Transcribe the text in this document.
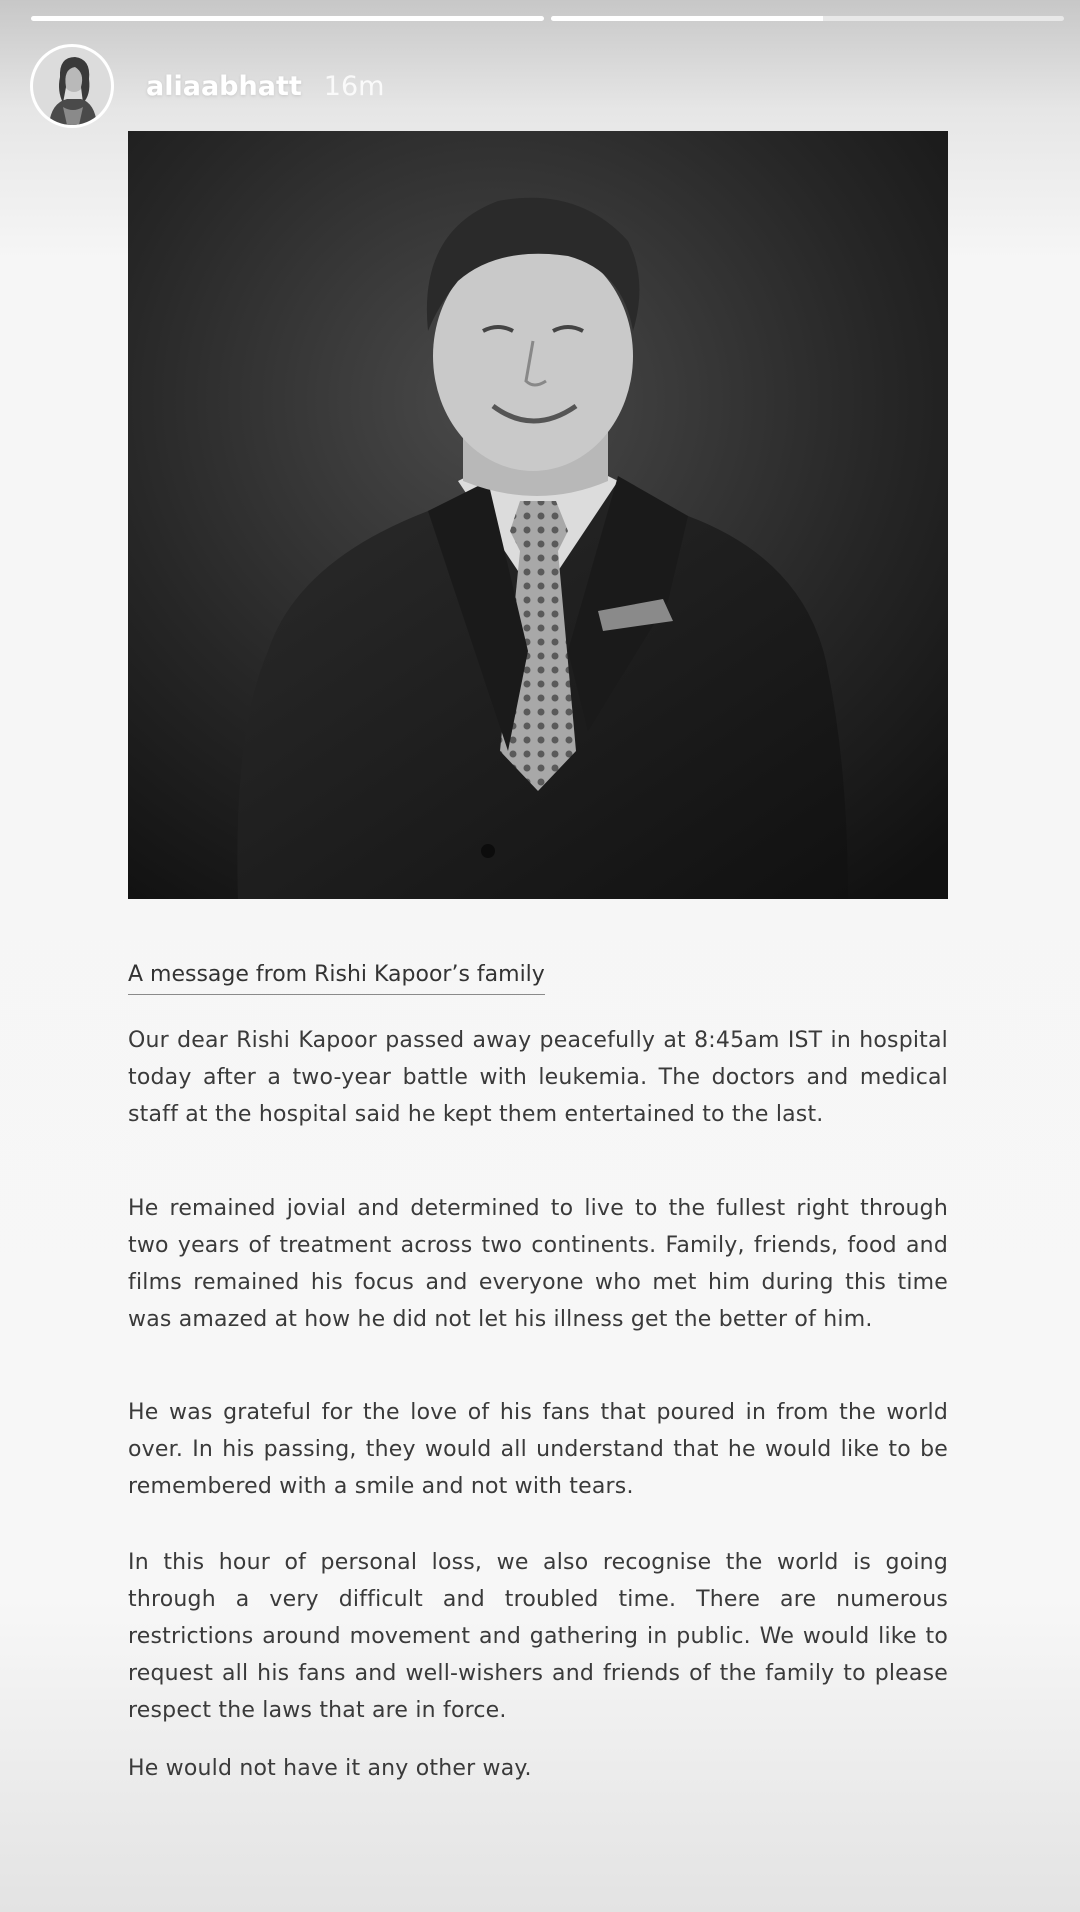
aliaabhatt 16m
A message from Rishi Kapoor’s family

Our dear Rishi Kapoor passed away peacefully at 8:45am IST in hospital today after a two-year battle with leukemia. The doctors and medical staff at the hospital said he kept them entertained to the last.

He remained jovial and determined to live to the fullest right through two years of treatment across two continents. Family, friends, food and films remained his focus and everyone who met him during this time was amazed at how he did not let his illness get the better of him.

He was grateful for the love of his fans that poured in from the world over. In his passing, they would all understand that he would like to be remembered with a smile and not with tears.

In this hour of personal loss, we also recognise the world is going through a very difficult and troubled time. There are numerous restrictions around movement and gathering in public. We would like to request all his fans and well-wishers and friends of the family to please respect the laws that are in force.

He would not have it any other way.
